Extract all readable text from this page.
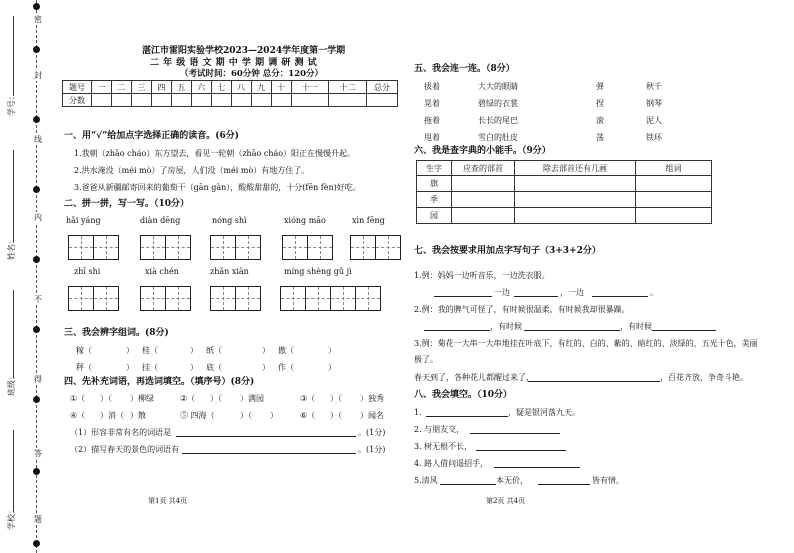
密
封
线
内
不
得
答
题
学号：
姓名：
班级：
学校：
湛江市雷阳实验学校2023—2024学年度第一学期
二 年 级 语 文 期 中 学 期 调 研 测 试
（考试时间：60分钟 总分：120分）
题号	一	二	三	四	五	六	七	八	九	十	十一	十二	总分
分数													
一、用“√”给加点字选择正确的读音。(6分)
1.我朝（zhāo cháo）东方望去，看见一轮朝（zhāo cháo）阳正在慢慢升起。
2.洪水淹没（méi mò）了房屋，人们没（méi mò）有地方住了。
3.爸爸从新疆邮寄回来的葡萄干（gān gàn），酸酸甜甜的，十分(fēn fèn)好吃。
二、拼一拼，写一写。（10分）
hǎi yáng	diàn dēng	nóng shì	xióng māo	xìn fēng
zhī shi	xià chén	zhǎn xiàn	míng shèng gǔ jì
三、我会辨字组词。(8分)
稼（	） 桂（	） 纸（	） 傲（	）
秤（	） 挂（	） 底（	） 作（	）
四、先补充词语，再选词填空。（填序号）(8分)
①（ ）（ ）柳绿	②（ ）（ ）满园	③（ ）（ ）独秀
④（ ）消（ ）散	⑤ 四海（	）（ ）	⑥（ ）（ ）闻名
（1）形容非常有名的词语是	。(1分)
（2）描写春天的景色的词语有	。(1分)
第1页 共4页
五、我会连一连。（8分）
拔着
晃着
拖着
甩着
大大的眼睛
碧绿的衣裳
长长的尾巴
雪白的肚皮
弹
捏
滚
荡
秋千
钢琴
泥人
铁环
六、我是查字典的小能手。（9分）
生字	应查的部首	除去部首还有几画	组词
旗			
季			
园			
七、我会按要求用加点字写句子（3+3+2分）
1.例：妈妈一边听音乐，一边洗衣服。
一边	，一边	。
2.例：我的脾气可怪了，有时候很温柔，有时候我却很暴躁。
，有时候	，有时候
3.例：菊花一大串一大串地挂在叶底下，有红的、白的、紫的、暗红的、淡绿的，五光十色，美丽
极了。
春天到了，各种花儿都醒过来了，	，百花齐放，争奇斗艳。
八、我会填空。（10分）
1.	，疑是银河落九天。
2. 与朋友交，
3. 树无根不长，
4. 路人借问遥招手，
5.清风	本无价，	皆有情。
第2页 共4页
